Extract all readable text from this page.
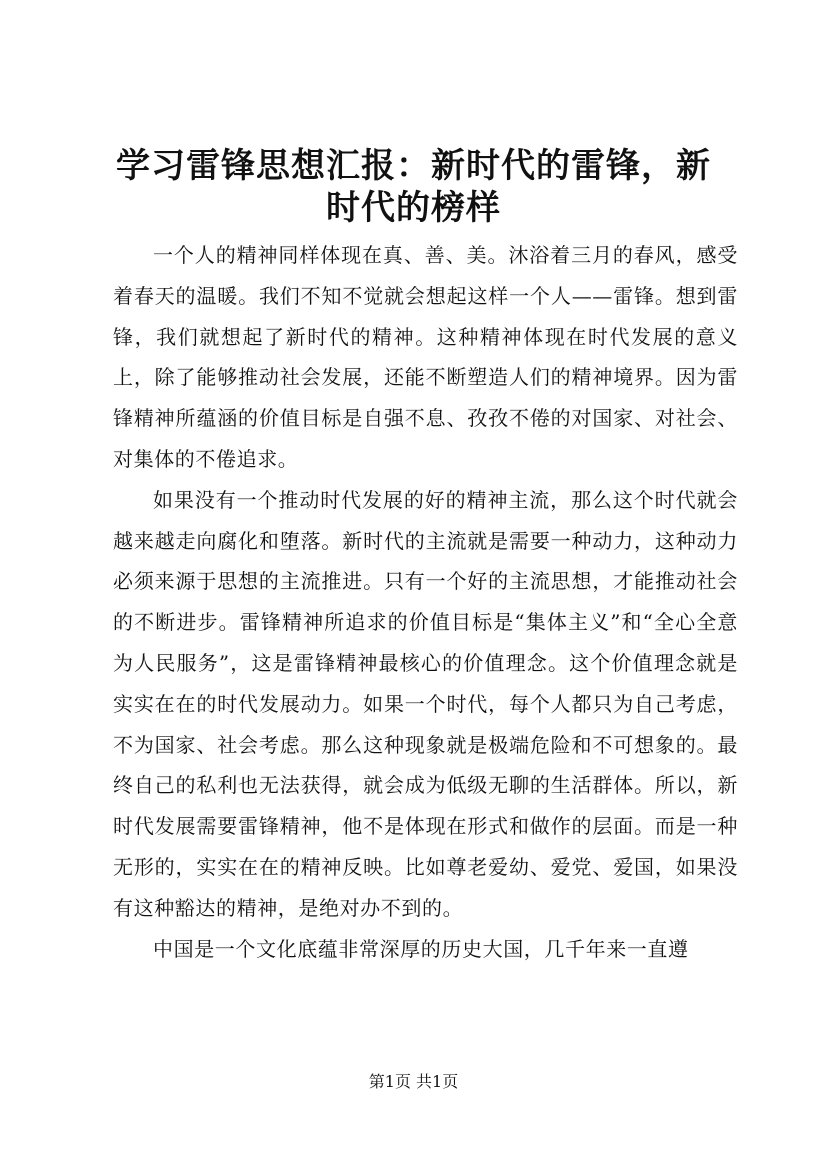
学习雷锋思想汇报：新时代的雷锋，新时代的榜样

一个人的精神同样体现在真、善、美。沐浴着三月的春风，感受着春天的温暖。我们不知不觉就会想起这样一个人——雷锋。想到雷锋，我们就想起了新时代的精神。这种精神体现在时代发展的意义上，除了能够推动社会发展，还能不断塑造人们的精神境界。因为雷锋精神所蕴涵的价值目标是自强不息、孜孜不倦的对国家、对社会、对集体的不倦追求。

如果没有一个推动时代发展的好的精神主流，那么这个时代就会越来越走向腐化和堕落。新时代的主流就是需要一种动力，这种动力必须来源于思想的主流推进。只有一个好的主流思想，才能推动社会的不断进步。雷锋精神所追求的价值目标是“集体主义”和“全心全意为人民服务”，这是雷锋精神最核心的价值理念。这个价值理念就是实实在在的时代发展动力。如果一个时代，每个人都只为自己考虑，不为国家、社会考虑。那么这种现象就是极端危险和不可想象的。最终自己的私利也无法获得，就会成为低级无聊的生活群体。所以，新时代发展需要雷锋精神，他不是体现在形式和做作的层面。而是一种无形的，实实在在的精神反映。比如尊老爱幼、爱党、爱国，如果没有这种豁达的精神，是绝对办不到的。

中国是一个文化底蕴非常深厚的历史大国，几千年来一直遵

第1页 共1页
